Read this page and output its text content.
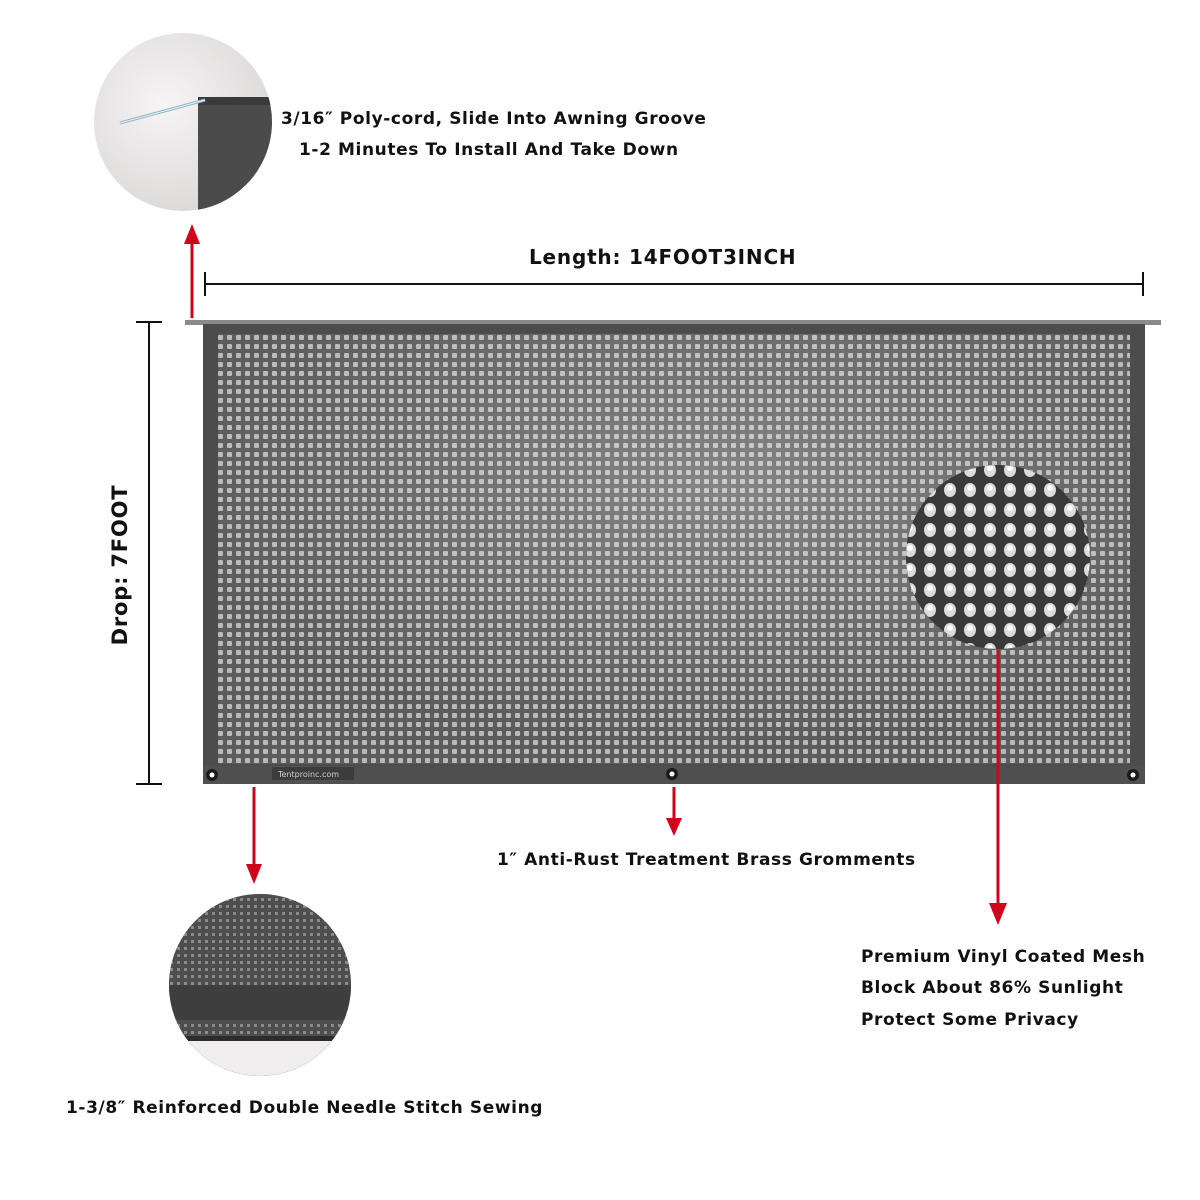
Tentproinc.com
3/16″ Poly-cord, Slide Into Awning Groove
1-2 Minutes To Install And Take Down
Length: 14FOOT3INCH
Drop: 7FOOT
1″ Anti-Rust Treatment Brass Gromments
Premium Vinyl Coated Mesh
Block About 86% Sunlight
Protect Some Privacy
1-3/8″ Reinforced Double Needle Stitch Sewing
